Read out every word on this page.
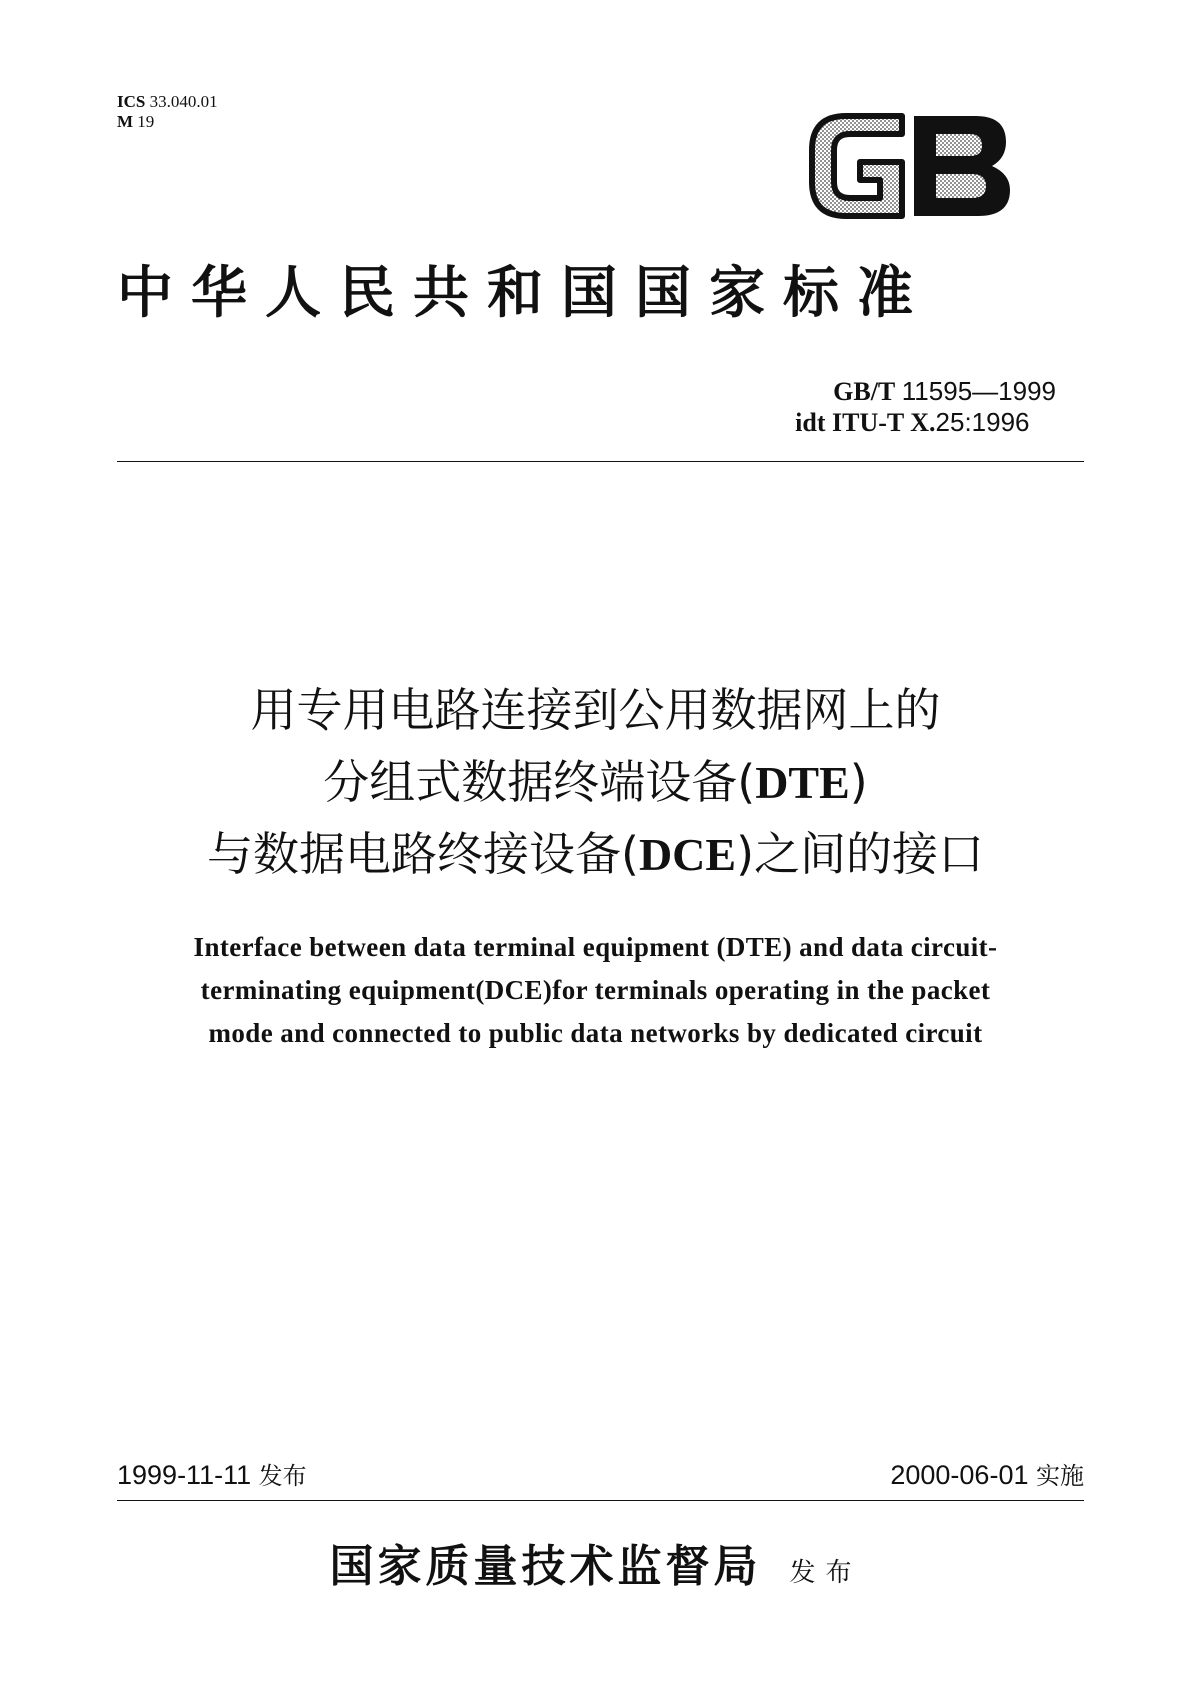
ICS 33.040.01
M 19
中华人民共和国国家标准
GB/T 11595—1999
idt ITU-T X.25:1996
用专用电路连接到公用数据网上的
分组式数据终端设备(DTE)
与数据电路终接设备(DCE)之间的接口
Interface between data terminal equipment (DTE) and data circuit-
terminating equipment(DCE)for terminals operating in the packet
mode and connected to public data networks by dedicated circuit
1999-11-11 发布	2000-06-01 实施
国家质量技术监督局 发布
